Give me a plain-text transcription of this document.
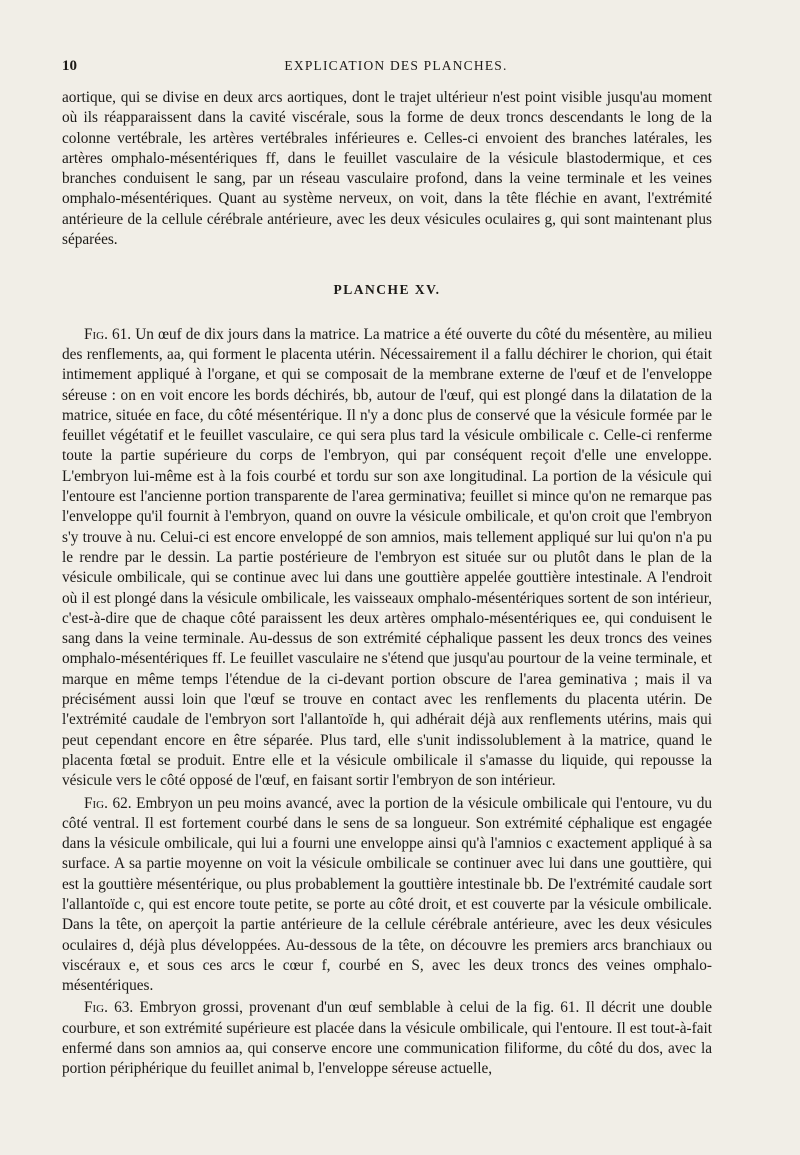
10	EXPLICATION DES PLANCHES.

aortique, qui se divise en deux arcs aortiques, dont le trajet ultérieur n'est point visible jusqu'au moment où ils réapparaissent dans la cavité viscérale, sous la forme de deux troncs descendants le long de la colonne vertébrale, les artères vertébrales inférieures e. Celles-ci envoient des branches latérales, les artères omphalo-mésentériques ff, dans le feuillet vasculaire de la vésicule blastodermique, et ces branches conduisent le sang, par un réseau vasculaire profond, dans la veine terminale et les veines omphalo-mésentériques. Quant au système nerveux, on voit, dans la tête fléchie en avant, l'extrémité antérieure de la cellule cérébrale antérieure, avec les deux vésicules oculaires g, qui sont maintenant plus séparées.

PLANCHE XV.

Fig. 61. Un œuf de dix jours dans la matrice. La matrice a été ouverte du côté du mésentère, au milieu des renflements, aa, qui forment le placenta utérin. Nécessairement il a fallu déchirer le chorion, qui était intimement appliqué à l'organe, et qui se composait de la membrane externe de l'œuf et de l'enveloppe séreuse : on en voit encore les bords déchirés, bb, autour de l'œuf, qui est plongé dans la dilatation de la matrice, située en face, du côté mésentérique. Il n'y a donc plus de conservé que la vésicule formée par le feuillet végétatif et le feuillet vasculaire, ce qui sera plus tard la vésicule ombilicale c. Celle-ci renferme toute la partie supérieure du corps de l'embryon, qui par conséquent reçoit d'elle une enveloppe. L'embryon lui-même est à la fois courbé et tordu sur son axe longitudinal. La portion de la vésicule qui l'entoure est l'ancienne portion transparente de l'area germinativa; feuillet si mince qu'on ne remarque pas l'enveloppe qu'il fournit à l'embryon, quand on ouvre la vésicule ombilicale, et qu'on croit que l'embryon s'y trouve à nu. Celui-ci est encore enveloppé de son amnios, mais tellement appliqué sur lui qu'on n'a pu le rendre par le dessin. La partie postérieure de l'embryon est située sur ou plutôt dans le plan de la vésicule ombilicale, qui se continue avec lui dans une gouttière appelée gouttière intestinale. A l'endroit où il est plongé dans la vésicule ombilicale, les vaisseaux omphalo-mésentériques sortent de son intérieur, c'est-à-dire que de chaque côté paraissent les deux artères omphalo-mésentériques ee, qui conduisent le sang dans la veine terminale. Au-dessus de son extrémité céphalique passent les deux troncs des veines omphalo-mésentériques ff. Le feuillet vasculaire ne s'étend que jusqu'au pourtour de la veine terminale, et marque en même temps l'étendue de la ci-devant portion obscure de l'area geminativa ; mais il va précisément aussi loin que l'œuf se trouve en contact avec les renflements du placenta utérin. De l'extrémité caudale de l'embryon sort l'allantoïde h, qui adhérait déjà aux renflements utérins, mais qui peut cependant encore en être séparée. Plus tard, elle s'unit indissolublement à la matrice, quand le placenta fœtal se produit. Entre elle et la vésicule ombilicale il s'amasse du liquide, qui repousse la vésicule vers le côté opposé de l'œuf, en faisant sortir l'embryon de son intérieur.

Fig. 62. Embryon un peu moins avancé, avec la portion de la vésicule ombilicale qui l'entoure, vu du côté ventral. Il est fortement courbé dans le sens de sa longueur. Son extrémité céphalique est engagée dans la vésicule ombilicale, qui lui a fourni une enveloppe ainsi qu'à l'amnios c exactement appliqué à sa surface. A sa partie moyenne on voit la vésicule ombilicale se continuer avec lui dans une gouttière, qui est la gouttière mésentérique, ou plus probablement la gouttière intestinale bb. De l'extrémité caudale sort l'allantoïde c, qui est encore toute petite, se porte au côté droit, et est couverte par la vésicule ombilicale. Dans la tête, on aperçoit la partie antérieure de la cellule cérébrale antérieure, avec les deux vésicules oculaires d, déjà plus développées. Au-dessous de la tête, on découvre les premiers arcs branchiaux ou viscéraux e, et sous ces arcs le cœur f, courbé en S, avec les deux troncs des veines omphalo-mésentériques.

Fig. 63. Embryon grossi, provenant d'un œuf semblable à celui de la fig. 61. Il décrit une double courbure, et son extrémité supérieure est placée dans la vésicule ombilicale, qui l'entoure. Il est tout-à-fait enfermé dans son amnios aa, qui conserve encore une communication filiforme, du côté du dos, avec la portion périphérique du feuillet animal b, l'enveloppe séreuse actuelle,
